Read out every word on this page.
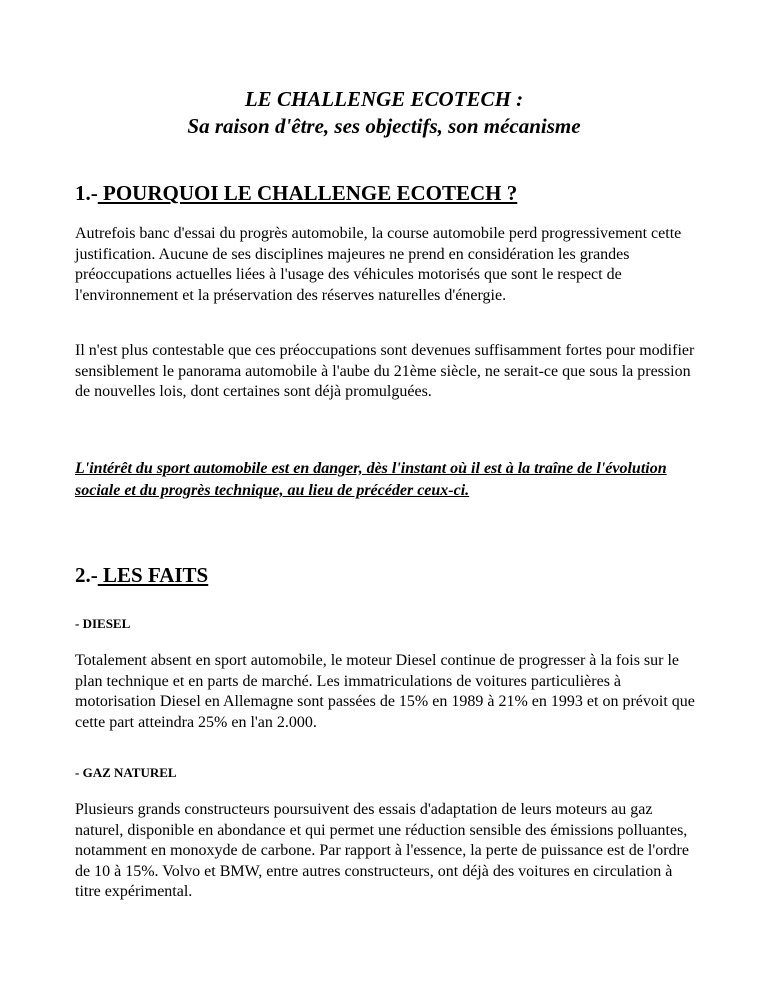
LE CHALLENGE ECOTECH :
Sa raison d'être, ses objectifs, son mécanisme
1.- POURQUOI LE CHALLENGE ECOTECH ?

Autrefois banc d'essai du progrès automobile, la course automobile perd progressivement cette justification. Aucune de ses disciplines majeures ne prend en considération les grandes préoccupations actuelles liées à l'usage des véhicules motorisés que sont le respect de l'environnement et la préservation des réserves naturelles d'énergie.

Il n'est plus contestable que ces préoccupations sont devenues suffisamment fortes pour modifier sensiblement le panorama automobile à l'aube du 21ème siècle, ne serait-ce que sous la pression de nouvelles lois, dont certaines sont déjà promulguées.

L'intérêt du sport automobile est en danger, dès l'instant où il est à la traîne de l'évolution sociale et du progrès technique, au lieu de précéder ceux-ci.

2.- LES FAITS
- DIESEL

Totalement absent en sport automobile, le moteur Diesel continue de progresser à la fois sur le plan technique et en parts de marché. Les immatriculations de voitures particulières à motorisation Diesel en Allemagne sont passées de 15% en 1989 à 21% en 1993 et on prévoit que cette part atteindra 25% en l'an 2.000.

- GAZ NATUREL

Plusieurs grands constructeurs poursuivent des essais d'adaptation de leurs moteurs au gaz naturel, disponible en abondance et qui permet une réduction sensible des émissions polluantes, notamment en monoxyde de carbone. Par rapport à l'essence, la perte de puissance est de l'ordre de 10 à 15%. Volvo et BMW, entre autres constructeurs, ont déjà des voitures en circulation à titre expérimental.
